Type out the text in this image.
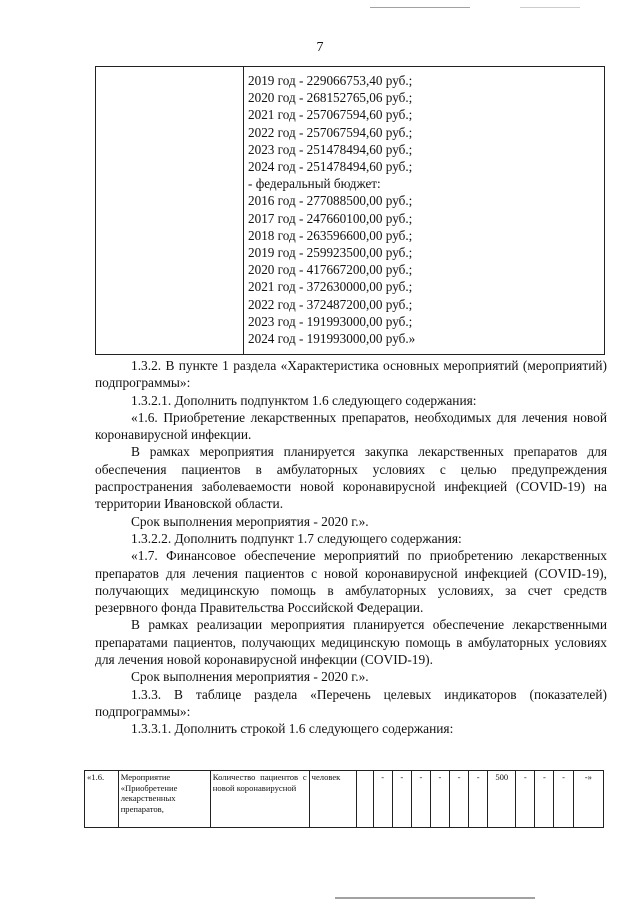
7

2019 год - 229066753,40 руб.;
2020 год - 268152765,06 руб.;
2021 год - 257067594,60 руб.;
2022 год - 257067594,60 руб.;
2023 год - 251478494,60 руб.;
2024 год - 251478494,60 руб.;
- федеральный бюджет:
2016 год - 277088500,00 руб.;
2017 год - 247660100,00 руб.;
2018 год - 263596600,00 руб.;
2019 год - 259923500,00 руб.;
2020 год - 417667200,00 руб.;
2021 год - 372630000,00 руб.;
2022 год - 372487200,00 руб.;
2023 год - 191993000,00 руб.;
2024 год - 191993000,00 руб.»

1.3.2. В пункте 1 раздела «Характеристика основных мероприятий (мероприятий) подпрограммы»:

1.3.2.1. Дополнить подпунктом 1.6 следующего содержания:

«1.6. Приобретение лекарственных препаратов, необходимых для лечения новой коронавирусной инфекции.

В рамках мероприятия планируется закупка лекарственных препаратов для обеспечения пациентов в амбулаторных условиях с целью предупреждения распространения заболеваемости новой коронавирусной инфекцией (COVID-19) на территории Ивановской области.

Срок выполнения мероприятия - 2020 г.».

1.3.2.2. Дополнить подпункт 1.7 следующего содержания:

«1.7. Финансовое обеспечение мероприятий по приобретению лекарственных препаратов для лечения пациентов с новой коронавирусной инфекцией (COVID-19), получающих медицинскую помощь в амбулаторных условиях, за счет средств резервного фонда Правительства Российской Федерации.

В рамках реализации мероприятия планируется обеспечение лекарственными препаратами пациентов, получающих медицинскую помощь в амбулаторных условиях для лечения новой коронавирусной инфекции (COVID-19).

Срок выполнения мероприятия - 2020 г.».

1.3.3. В таблице раздела «Перечень целевых индикаторов (показателей) подпрограммы»:

1.3.3.1. Дополнить строкой 1.6 следующего содержания:

«1.6.	Мероприятие «Приобретение лекарственных препаратов,	Количество пациентов с новой коронавирусной	человек		-	-	-	-	-	-	500	-	-	-	-»
